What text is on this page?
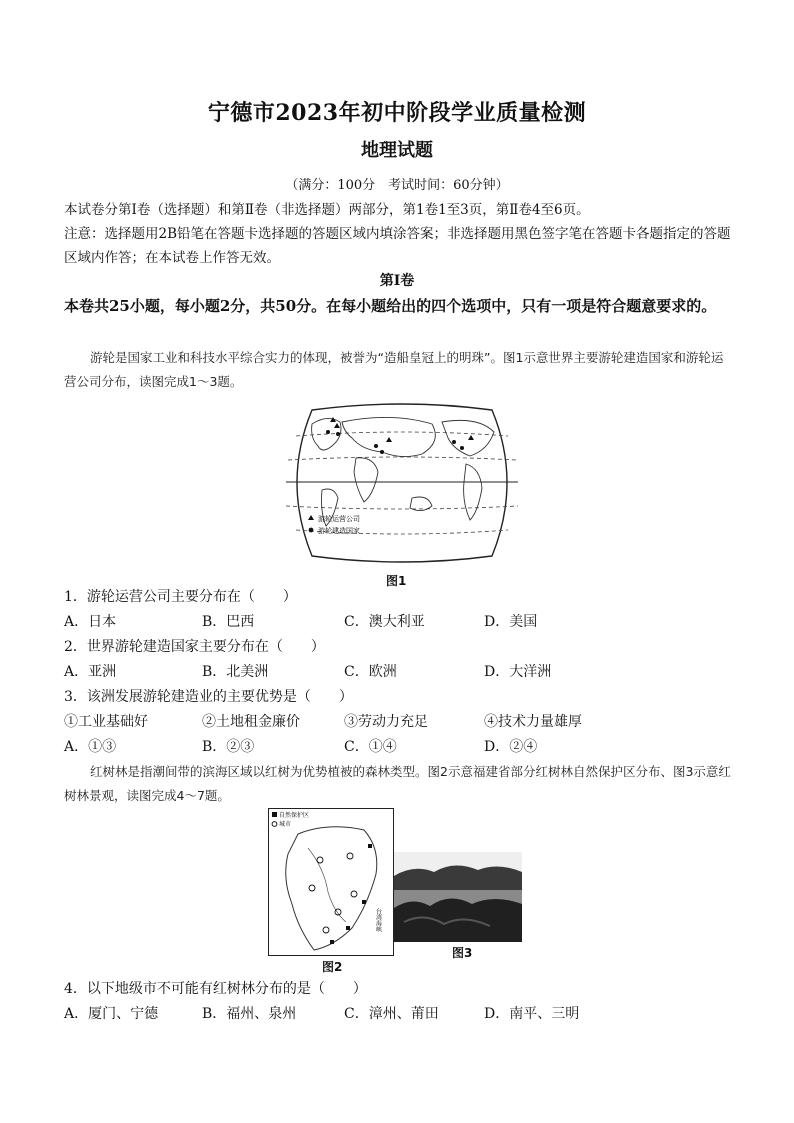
宁德市2023年初中阶段学业质量检测
地理试题
（满分：100分　考试时间：60分钟）
本试卷分第Ⅰ卷（选择题）和第Ⅱ卷（非选择题）两部分，第1卷1至3页，第Ⅱ卷4至6页。
注意：选择题用2B铅笔在答题卡选择题的答题区域内填涂答案；非选择题用黑色签字笔在答题卡各题指定的答题区域内作答；在本试卷上作答无效。
第Ⅰ卷
本卷共25小题，每小题2分，共50分。在每小题给出的四个选项中，只有一项是符合题意要求的。
游轮是国家工业和科技水平综合实力的体现，被誉为“造船皇冠上的明珠”。图1示意世界主要游轮建造国家和游轮运营公司分布，读图完成1～3题。
游轮运营公司
游轮建造国家
图1
1．游轮运营公司主要分布在（　　）
A．日本	B．巴西	C．澳大利亚	D．美国
2．世界游轮建造国家主要分布在（　　）
A．亚洲	B．北美洲	C．欧洲	D．大洋洲
3．该洲发展游轮建造业的主要优势是（　　）
①工业基础好	②土地租金廉价	③劳动力充足	④技术力量雄厚
A．①③	B．②③	C．①④	D．②④
红树林是指潮间带的滨海区域以红树为优势植被的森林类型。图2示意福建省部分红树林自然保护区分布、图3示意红树林景观，读图完成4～7题。
自然保护区
城市
台湾海峡
图2
图3
4．以下地级市不可能有红树林分布的是（　　）
A．厦门、宁德	B．福州、泉州	C．漳州、莆田	D．南平、三明
